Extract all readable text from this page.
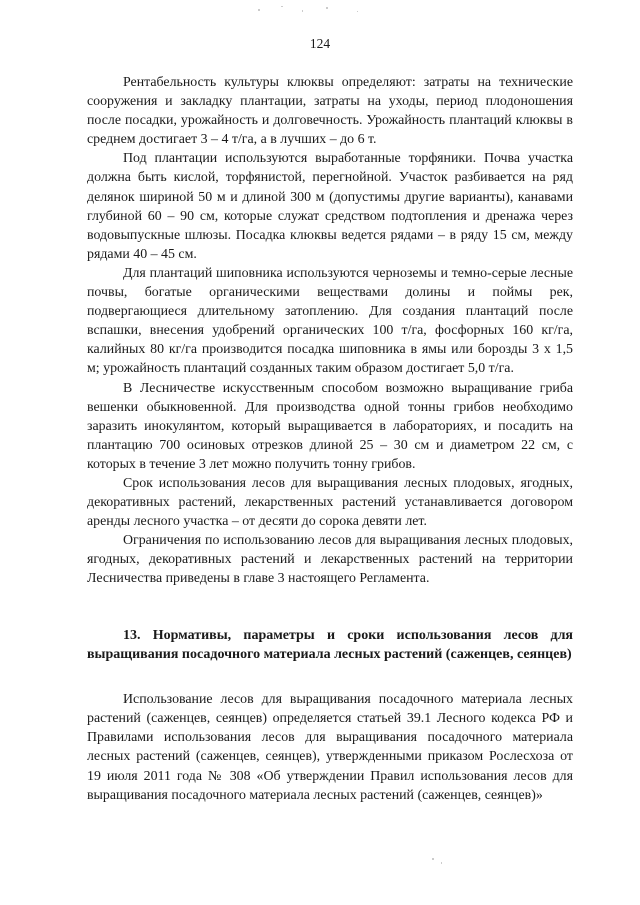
124

Рентабельность культуры клюквы определяют: затраты на технические сооружения и закладку плантации, затраты на уходы, период плодоношения после посадки, урожайность и долговечность. Урожайность плантаций клюквы в среднем достигает 3 – 4 т/га, а в лучших – до 6 т.

Под плантации используются выработанные торфяники. Почва участка должна быть кислой, торфянистой, перегнойной. Участок разбивается на ряд делянок шириной 50 м и длиной 300 м (допустимы другие варианты), канавами глубиной 60 – 90 см, которые служат средством подтопления и дренажа через водовыпускные шлюзы. Посадка клюквы ведется рядами – в ряду 15 см, между рядами 40 – 45 см.

Для плантаций шиповника используются черноземы и темно-серые лесные почвы, богатые органическими веществами долины и поймы рек, подвергающиеся длительному затоплению. Для создания плантаций после вспашки, внесения удобрений органических 100 т/га, фосфорных 160 кг/га, калийных 80 кг/га производится посадка шиповника в ямы или борозды 3 х 1,5 м; урожайность плантаций созданных таким образом достигает 5,0 т/га.

В Лесничестве искусственным способом возможно выращивание гриба вешенки обыкновенной. Для производства одной тонны грибов необходимо заразить инокулянтом, который выращивается в лабораториях, и посадить на плантацию 700 осиновых отрезков длиной 25 – 30 см и диаметром 22 см, с которых в течение 3 лет можно получить тонну грибов.

Срок использования лесов для выращивания лесных плодовых, ягодных, декоративных растений, лекарственных растений устанавливается договором аренды лесного участка – от десяти до сорока девяти лет.

Ограничения по использованию лесов для выращивания лесных плодовых, ягодных, декоративных растений и лекарственных растений на территории Лесничества приведены в главе 3 настоящего Регламента.

13. Нормативы, параметры и сроки использования лесов для выращивания посадочного материала лесных растений (саженцев, сеянцев)

Использование лесов для выращивания посадочного материала лесных растений (саженцев, сеянцев) определяется статьей 39.1 Лесного кодекса РФ и Правилами использования лесов для выращивания посадочного материала лесных растений (саженцев, сеянцев), утвержденными приказом Рослесхоза от 19 июля 2011 года № 308 «Об утверждении Правил использования лесов для выращивания посадочного материала лесных растений (саженцев, сеянцев)»
